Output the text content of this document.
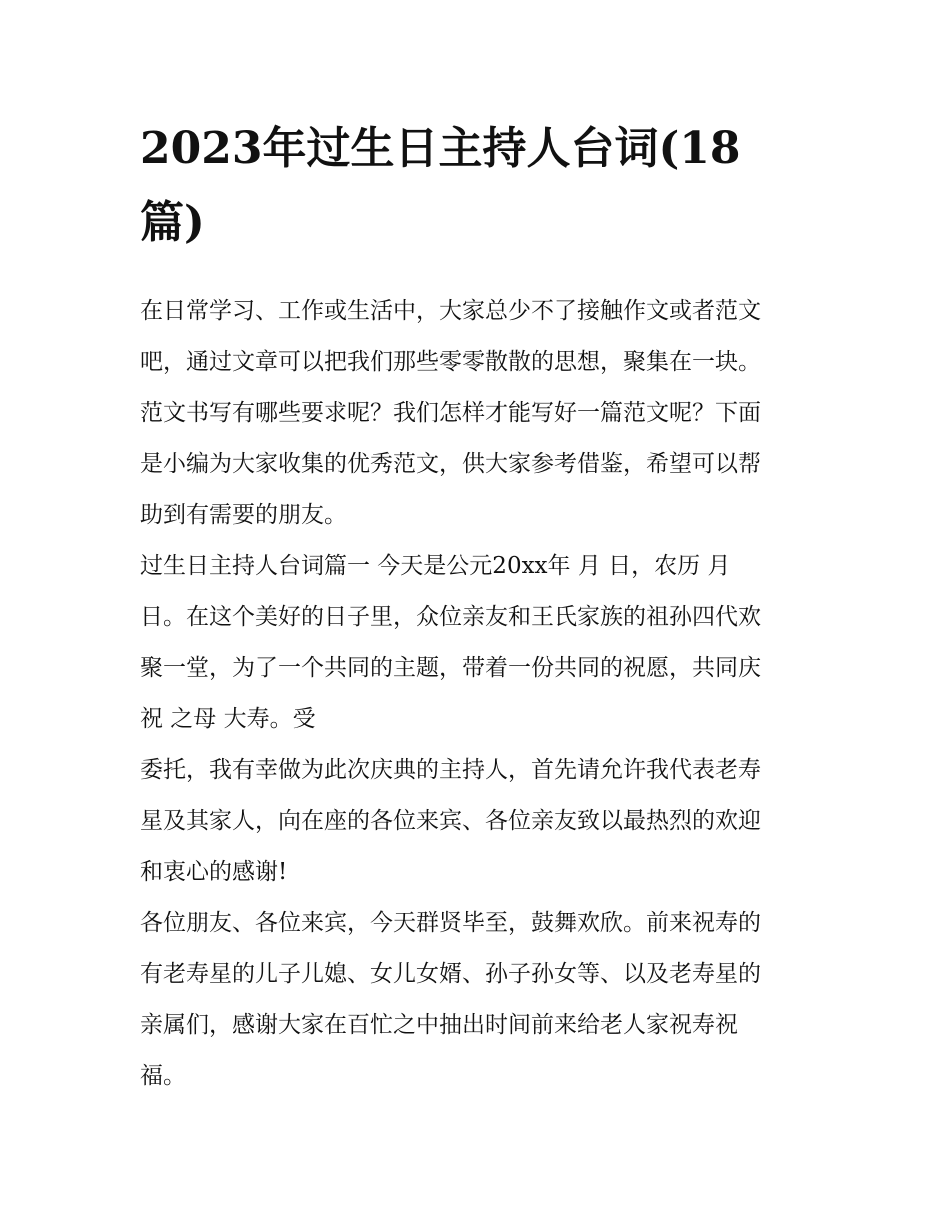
2023年过生日主持人台词(18
篇)

在日常学习、工作或生活中，大家总少不了接触作文或者范文
吧，通过文章可以把我们那些零零散散的思想，聚集在一块。
范文书写有哪些要求呢？我们怎样才能写好一篇范文呢？下面
是小编为大家收集的优秀范文，供大家参考借鉴，希望可以帮
助到有需要的朋友。

过生日主持人台词篇一 今天是公元20xx年 月 日，农历 月
日。在这个美好的日子里，众位亲友和王氏家族的祖孙四代欢
聚一堂，为了一个共同的主题，带着一份共同的祝愿，共同庆
祝 之母 大寿。受

委托，我有幸做为此次庆典的主持人，首先请允许我代表老寿
星及其家人，向在座的各位来宾、各位亲友致以最热烈的欢迎
和衷心的感谢!

各位朋友、各位来宾，今天群贤毕至，鼓舞欢欣。前来祝寿的
有老寿星的儿子儿媳、女儿女婿、孙子孙女等、以及老寿星的
亲属们，感谢大家在百忙之中抽出时间前来给老人家祝寿祝
福。
